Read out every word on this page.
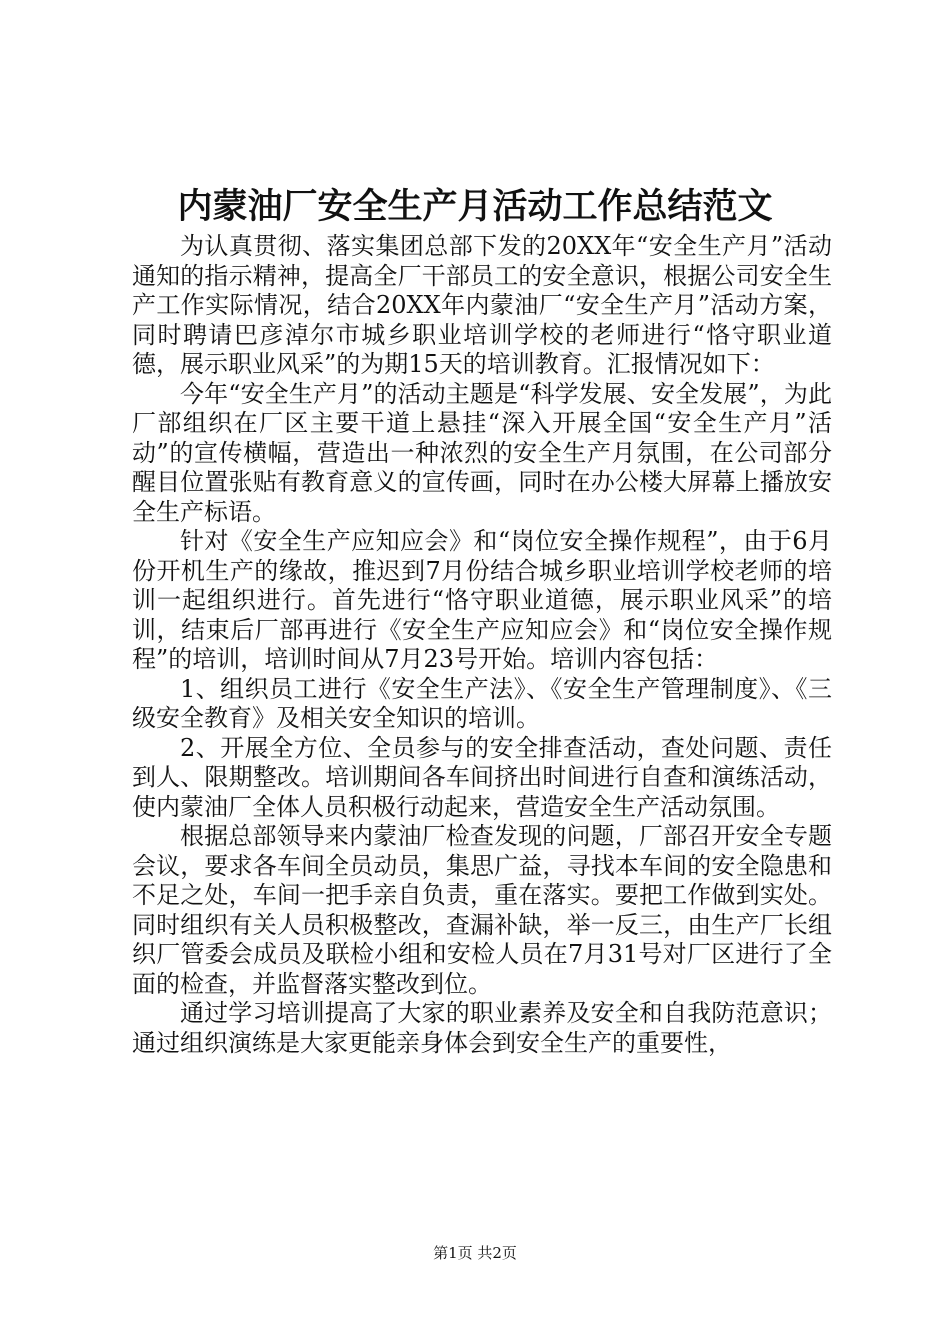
内蒙油厂安全生产月活动工作总结范文

为认真贯彻、落实集团总部下发的20XX年“安全生产月”活动通知的指示精神，提高全厂干部员工的安全意识，根据公司安全生产工作实际情况，结合20XX年内蒙油厂“安全生产月”活动方案，同时聘请巴彦淖尔市城乡职业培训学校的老师进行“恪守职业道德，展示职业风采”的为期15天的培训教育。汇报情况如下：

今年“安全生产月”的活动主题是“科学发展、安全发展”，为此厂部组织在厂区主要干道上悬挂“深入开展全国“安全生产月”活动”的宣传横幅，营造出一种浓烈的安全生产月氛围，在公司部分醒目位置张贴有教育意义的宣传画，同时在办公楼大屏幕上播放安全生产标语。

针对《安全生产应知应会》和“岗位安全操作规程”，由于6月份开机生产的缘故，推迟到7月份结合城乡职业培训学校老师的培训一起组织进行。首先进行“恪守职业道德，展示职业风采”的培训，结束后厂部再进行《安全生产应知应会》和“岗位安全操作规程”的培训，培训时间从7月23号开始。培训内容包括：

1、组织员工进行《安全生产法》、《安全生产管理制度》、《三级安全教育》及相关安全知识的培训。

2、开展全方位、全员参与的安全排查活动，查处问题、责任到人、限期整改。培训期间各车间挤出时间进行自查和演练活动，使内蒙油厂全体人员积极行动起来，营造安全生产活动氛围。

根据总部领导来内蒙油厂检查发现的问题，厂部召开安全专题会议，要求各车间全员动员，集思广益，寻找本车间的安全隐患和不足之处，车间一把手亲自负责，重在落实。要把工作做到实处。同时组织有关人员积极整改，查漏补缺，举一反三，由生产厂长组织厂管委会成员及联检小组和安检人员在7月31号对厂区进行了全面的检查，并监督落实整改到位。

通过学习培训提高了大家的职业素养及安全和自我防范意识；通过组织演练是大家更能亲身体会到安全生产的重要性，

第1页 共2页
